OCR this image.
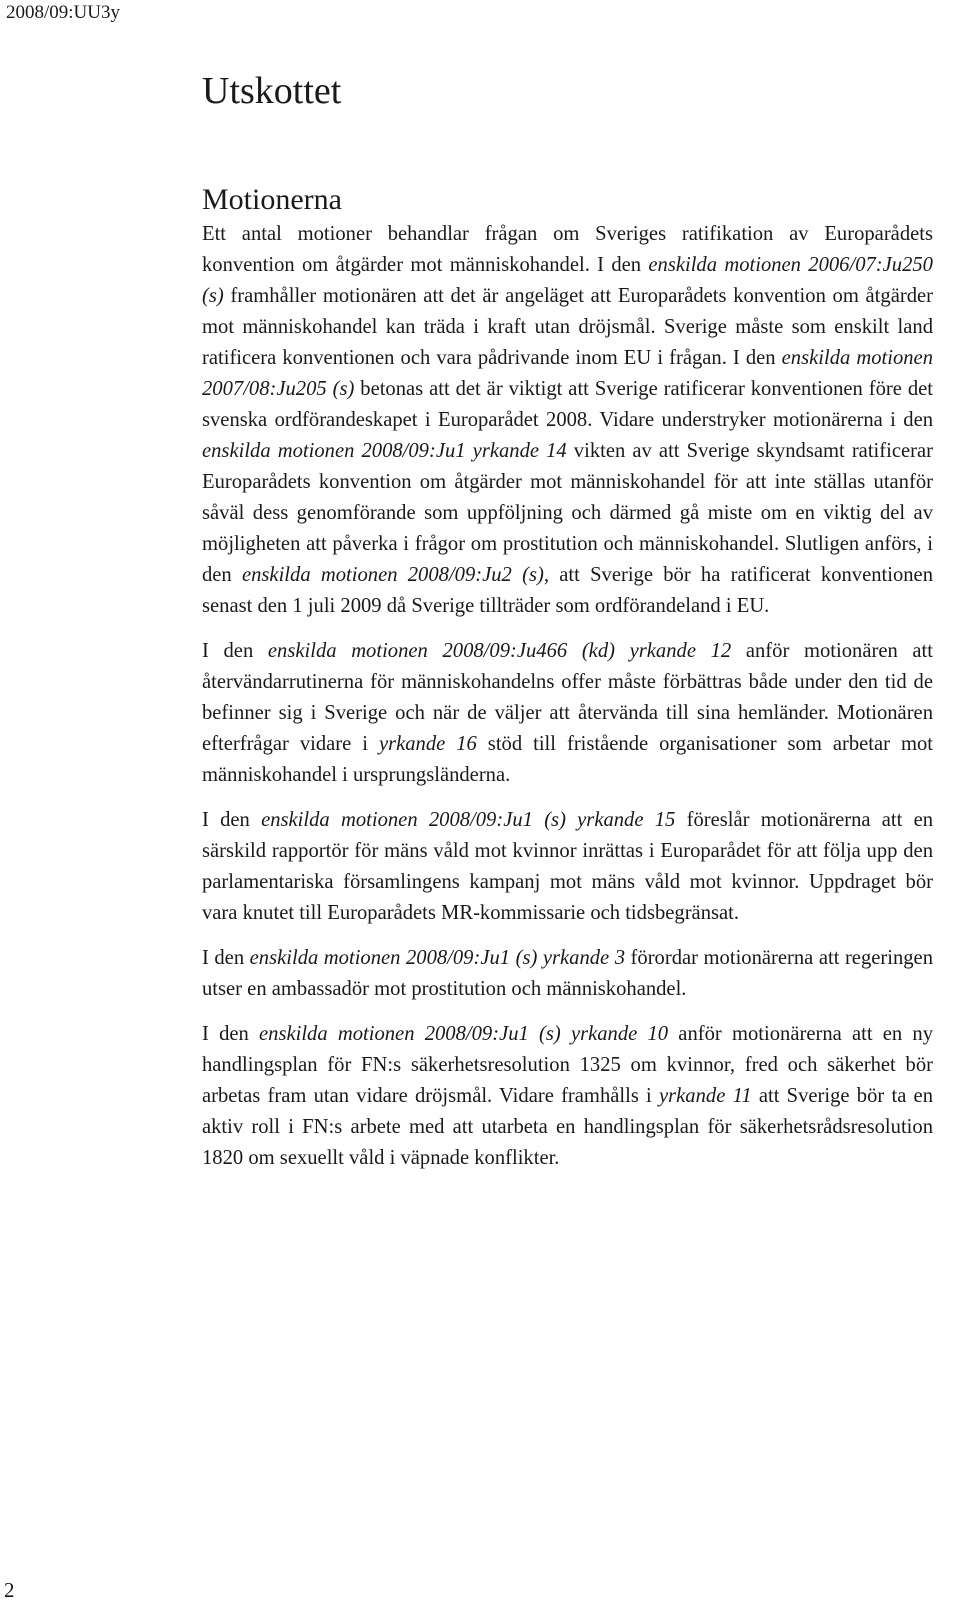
2008/09:UU3y
Utskottet
Motionerna

Ett antal motioner behandlar frågan om Sveriges ratifikation av Europarådets konvention om åtgärder mot människohandel. I den enskilda motionen 2006/07:Ju250 (s) framhåller motionären att det är angeläget att Europarådets konvention om åtgärder mot människohandel kan träda i kraft utan dröjsmål. Sverige måste som enskilt land ratificera konventionen och vara pådrivande inom EU i frågan. I den enskilda motionen 2007/08:Ju205 (s) betonas att det är viktigt att Sverige ratificerar konventionen före det svenska ordförandeskapet i Europarådet 2008. Vidare understryker motionärerna i den enskilda motionen 2008/09:Ju1 yrkande 14 vikten av att Sverige skyndsamt ratificerar Europarådets konvention om åtgärder mot människohandel för att inte ställas utanför såväl dess genomförande som uppföljning och därmed gå miste om en viktig del av möjligheten att påverka i frågor om prostitution och människohandel. Slutligen anförs, i den enskilda motionen 2008/09:Ju2 (s), att Sverige bör ha ratificerat konventionen senast den 1 juli 2009 då Sverige tillträder som ordförandeland i EU.

I den enskilda motionen 2008/09:Ju466 (kd) yrkande 12 anför motionären att återvändarrutinerna för människohandelns offer måste förbättras både under den tid de befinner sig i Sverige och när de väljer att återvända till sina hemländer. Motionären efterfrågar vidare i yrkande 16 stöd till fristående organisationer som arbetar mot människohandel i ursprungsländerna.

I den enskilda motionen 2008/09:Ju1 (s) yrkande 15 föreslår motionärerna att en särskild rapportör för mäns våld mot kvinnor inrättas i Europarådet för att följa upp den parlamentariska församlingens kampanj mot mäns våld mot kvinnor. Uppdraget bör vara knutet till Europarådets MR-kommissarie och tidsbegränsat.

I den enskilda motionen 2008/09:Ju1 (s) yrkande 3 förordar motionärerna att regeringen utser en ambassadör mot prostitution och människohandel.

I den enskilda motionen 2008/09:Ju1 (s) yrkande 10 anför motionärerna att en ny handlingsplan för FN:s säkerhetsresolution 1325 om kvinnor, fred och säkerhet bör arbetas fram utan vidare dröjsmål. Vidare framhålls i yrkande 11 att Sverige bör ta en aktiv roll i FN:s arbete med att utarbeta en handlingsplan för säkerhetsrådsresolution 1820 om sexuellt våld i väpnade konflikter.

2
